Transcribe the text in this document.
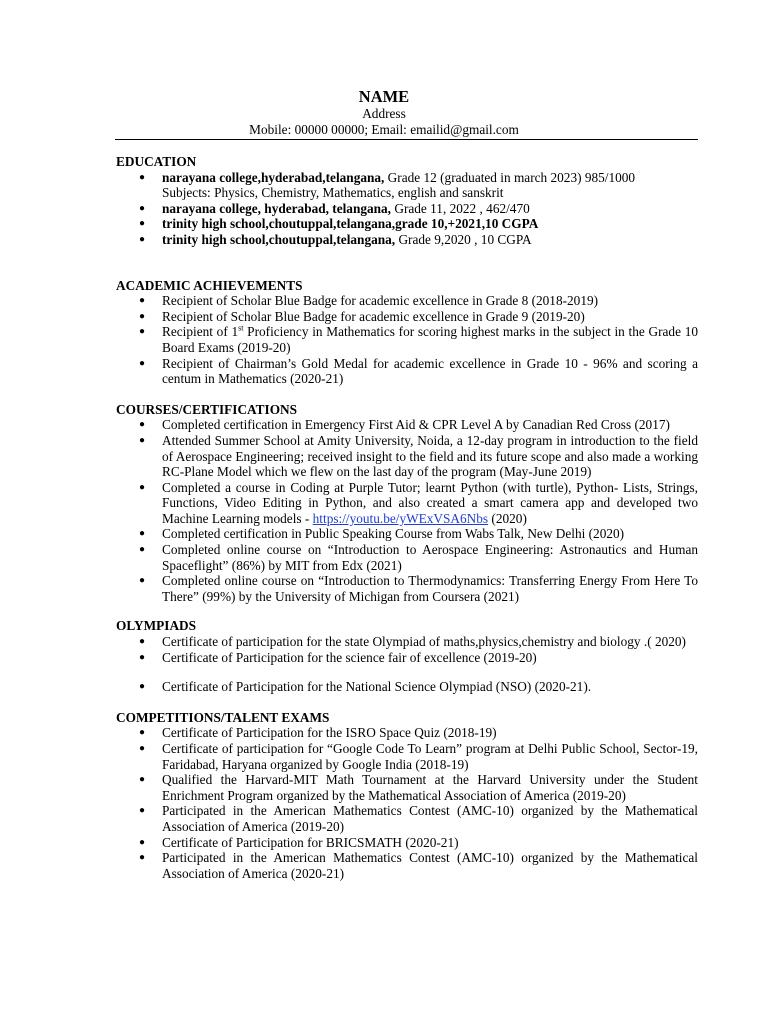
NAME
Address
Mobile: 00000 00000; Email: emailid@gmail.com
EDUCATION
● narayana college,hyderabad,telangana, Grade 12 (graduated in march 2023) 985/1000
Subjects: Physics, Chemistry, Mathematics, english and sanskrit
● narayana college, hyderabad, telangana, Grade 11, 2022 , 462/470
● trinity high school,choutuppal,telangana,grade 10,+2021,10 CGPA
● trinity high school,choutuppal,telangana, Grade 9,2020 , 10 CGPA
ACADEMIC ACHIEVEMENTS
● Recipient of Scholar Blue Badge for academic excellence in Grade 8 (2018-2019)
● Recipient of Scholar Blue Badge for academic excellence in Grade 9 (2019-20)
● Recipient of 1st Proficiency in Mathematics for scoring highest marks in the subject in the Grade 10 Board Exams (2019-20)
● Recipient of Chairman’s Gold Medal for academic excellence in Grade 10 - 96% and scoring a centum in Mathematics (2020-21)
COURSES/CERTIFICATIONS
● Completed certification in Emergency First Aid & CPR Level A by Canadian Red Cross (2017)
● Attended Summer School at Amity University, Noida, a 12-day program in introduction to the field of Aerospace Engineering; received insight to the field and its future scope and also made a working RC-Plane Model which we flew on the last day of the program (May-June 2019)
● Completed a course in Coding at Purple Tutor; learnt Python (with turtle), Python- Lists, Strings, Functions, Video Editing in Python, and also created a smart camera app and developed two Machine Learning models - https://youtu.be/yWExVSA6Nbs (2020)
● Completed certification in Public Speaking Course from Wabs Talk, New Delhi (2020)
● Completed online course on “Introduction to Aerospace Engineering: Astronautics and Human Spaceflight” (86%) by MIT from Edx (2021)
● Completed online course on “Introduction to Thermodynamics: Transferring Energy From Here To There” (99%) by the University of Michigan from Coursera (2021)
OLYMPIADS
● Certificate of participation for the state Olympiad of maths,physics,chemistry and biology .( 2020)
● Certificate of Participation for the science fair of excellence (2019-20)
● Certificate of Participation for the National Science Olympiad (NSO) (2020-21).
COMPETITIONS/TALENT EXAMS
● Certificate of Participation for the ISRO Space Quiz (2018-19)
● Certificate of participation for “Google Code To Learn” program at Delhi Public School, Sector-19, Faridabad, Haryana organized by Google India (2018-19)
● Qualified the Harvard-MIT Math Tournament at the Harvard University under the Student Enrichment Program organized by the Mathematical Association of America (2019-20)
● Participated in the American Mathematics Contest (AMC-10) organized by the Mathematical Association of America (2019-20)
● Certificate of Participation for BRICSMATH (2020-21)
● Participated in the American Mathematics Contest (AMC-10) organized by the Mathematical Association of America (2020-21)
